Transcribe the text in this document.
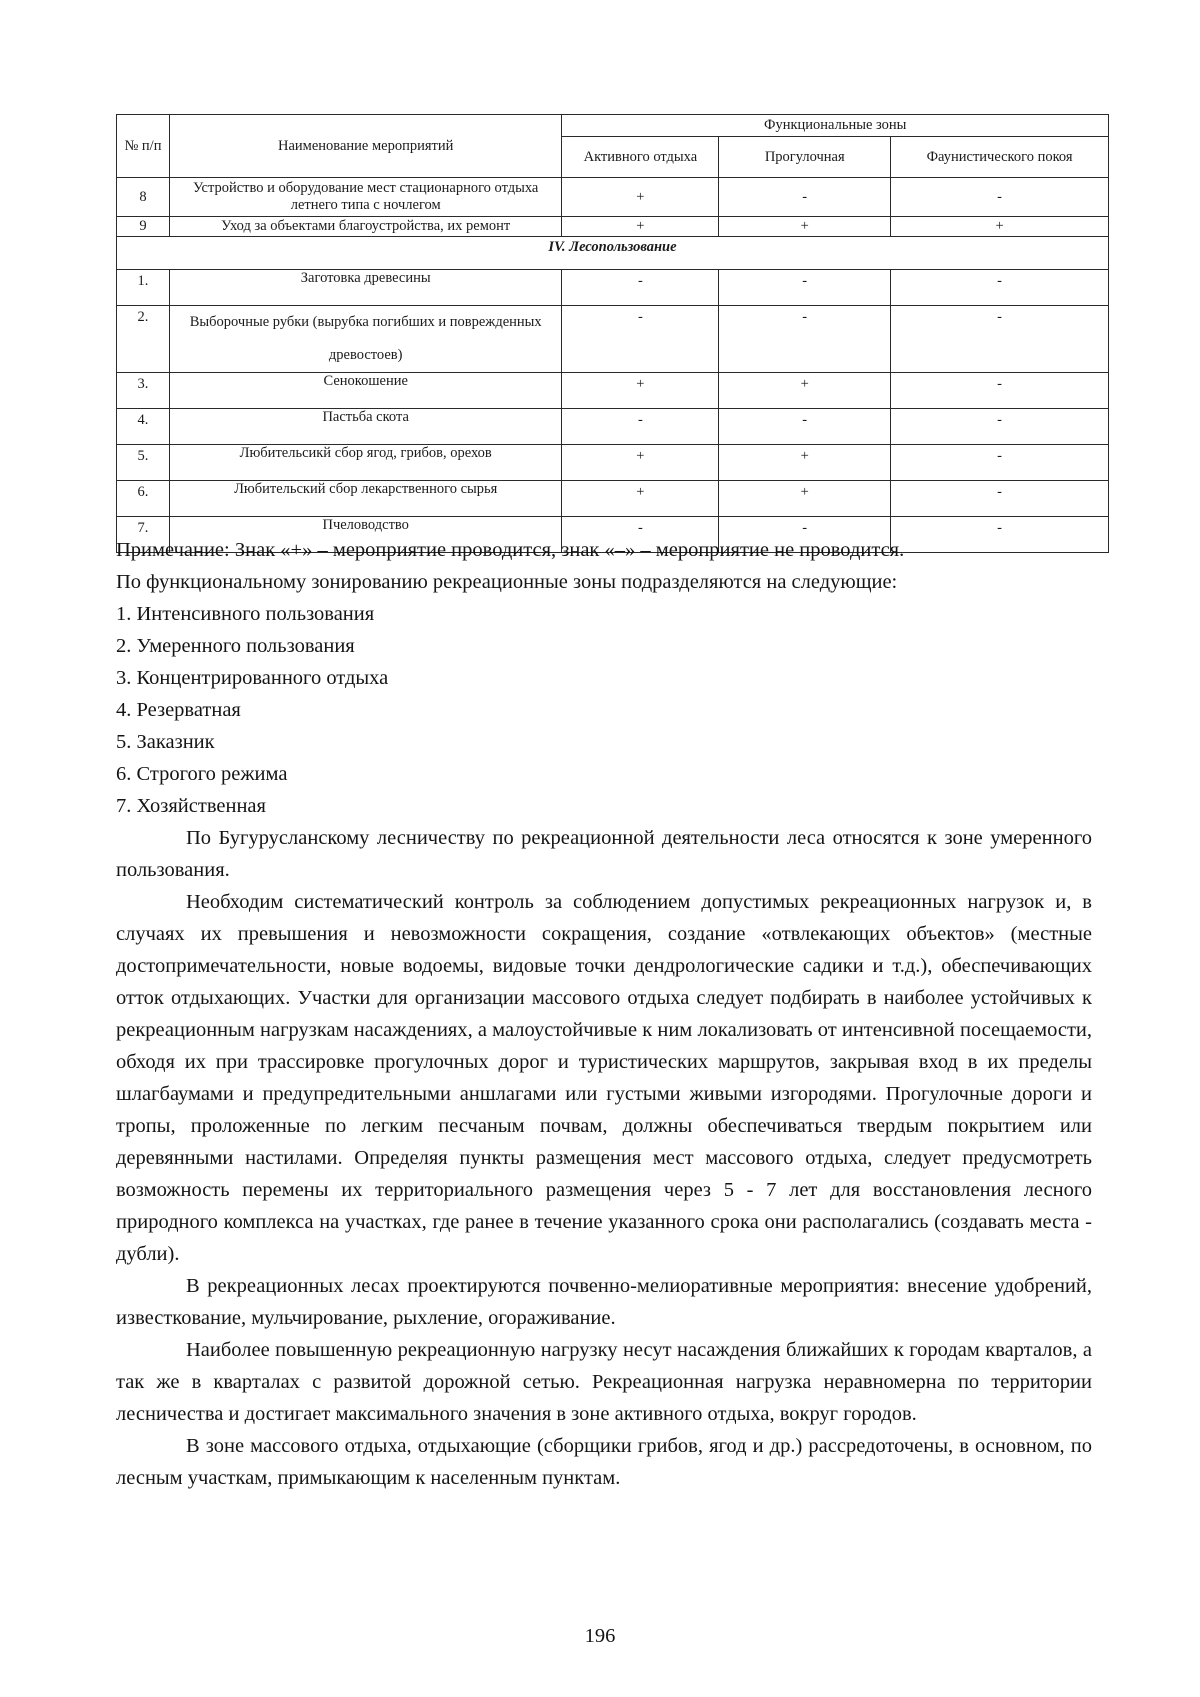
№ п/п	Наименование мероприятий	Функциональные зоны		
		Активного отдыха	Прогулочная	Фаунистического покоя
8	Устройство и оборудование мест стационарного отдыха летнего типа с ночлегом	+	-	-
9	Уход за объектами благоустройства, их ремонт	+	+	+
IV. Лесопользование				
1.	Заготовка древесины	-	-	-
2.	Выборочные рубки (вырубка погибших и поврежденных древостоев)	-	-	-
3.	Сенокошение	+	+	-
4.	Пастьба скота	-	-	-
5.	Любительсикй сбор ягод, грибов, орехов	+	+	-
6.	Любительский сбор лекарственного сырья	+	+	-
7.	Пчеловодство	-	-	-

Примечание: Знак «+» – мероприятие проводится, знак «–» – мероприятие не проводится.

По функциональному зонированию рекреационные зоны подразделяются на следующие:

1. Интенсивного пользования

2. Умеренного пользования

3. Концентрированного отдыха

4. Резерватная

5. Заказник

6. Строгого режима

7. Хозяйственная

По Бугурусланскому лесничеству по рекреационной деятельности леса относятся к зоне умеренного пользования.

Необходим систематический контроль за соблюдением допустимых рекреационных нагрузок и, в случаях их превышения и невозможности сокращения, создание «отвлекающих объектов» (местные достопримечательности, новые водоемы, видовые точки дендрологические садики и т.д.), обеспечивающих отток отдыхающих. Участки для организации массового отдыха следует подбирать в наиболее устойчивых к рекреационным нагрузкам насаждениях, а малоустойчивые к ним локализовать от интенсивной посещаемости, обходя их при трассировке прогулочных дорог и туристических маршрутов, закрывая вход в их пределы шлагбаумами и предупредительными аншлагами или густыми живыми изгородями. Прогулочные дороги и тропы, проложенные по легким песчаным почвам, должны обеспечиваться твердым покрытием или деревянными настилами. Определяя пункты размещения мест массового отдыха, следует предусмотреть возможность перемены их территориального размещения через 5 - 7 лет для восстановления лесного природного комплекса на участках, где ранее в течение указанного срока они располагались (создавать места - дубли).

В рекреационных лесах проектируются почвенно-мелиоративные мероприятия: внесение удобрений, известкование, мульчирование, рыхление, огораживание.

Наиболее повышенную рекреационную нагрузку несут насаждения ближайших к городам кварталов, а так же в кварталах с развитой дорожной сетью. Рекреационная нагрузка неравномерна по территории лесничества и достигает максимального значения в зоне активного отдыха, вокруг городов.

В зоне массового отдыха, отдыхающие (сборщики грибов, ягод и др.) рассредоточены, в основном, по лесным участкам, примыкающим к населенным пунктам.

196
